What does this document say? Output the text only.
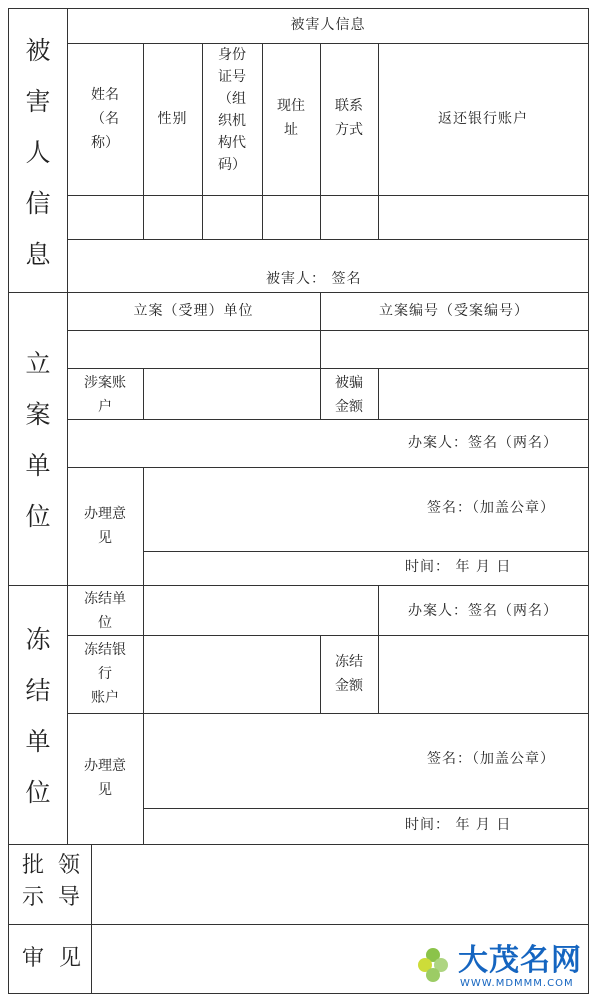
被
害
人
信
息
被害人信息
姓名
（名
称）
性别
身份
证号
（组
织机
构代
码）
现住
址
联系
方式
返还银行账户
被害人： 签名
立
案
单
位
立案（受理）单位	立案编号（受案编号）
涉案账
户
被骗
金额
办案人：签名（两名）
办理意
见
签名：（加盖公章）
时间： 年 月 日
冻
结
单
位
冻结单
位
办案人：签名（两名）
冻结银
行
账户
冻结
金额
办理意
见
签名：（加盖公章）
时间： 年 月 日
批
示
领
导
审 见	大茂名网
WWW.MDMMM.COM
